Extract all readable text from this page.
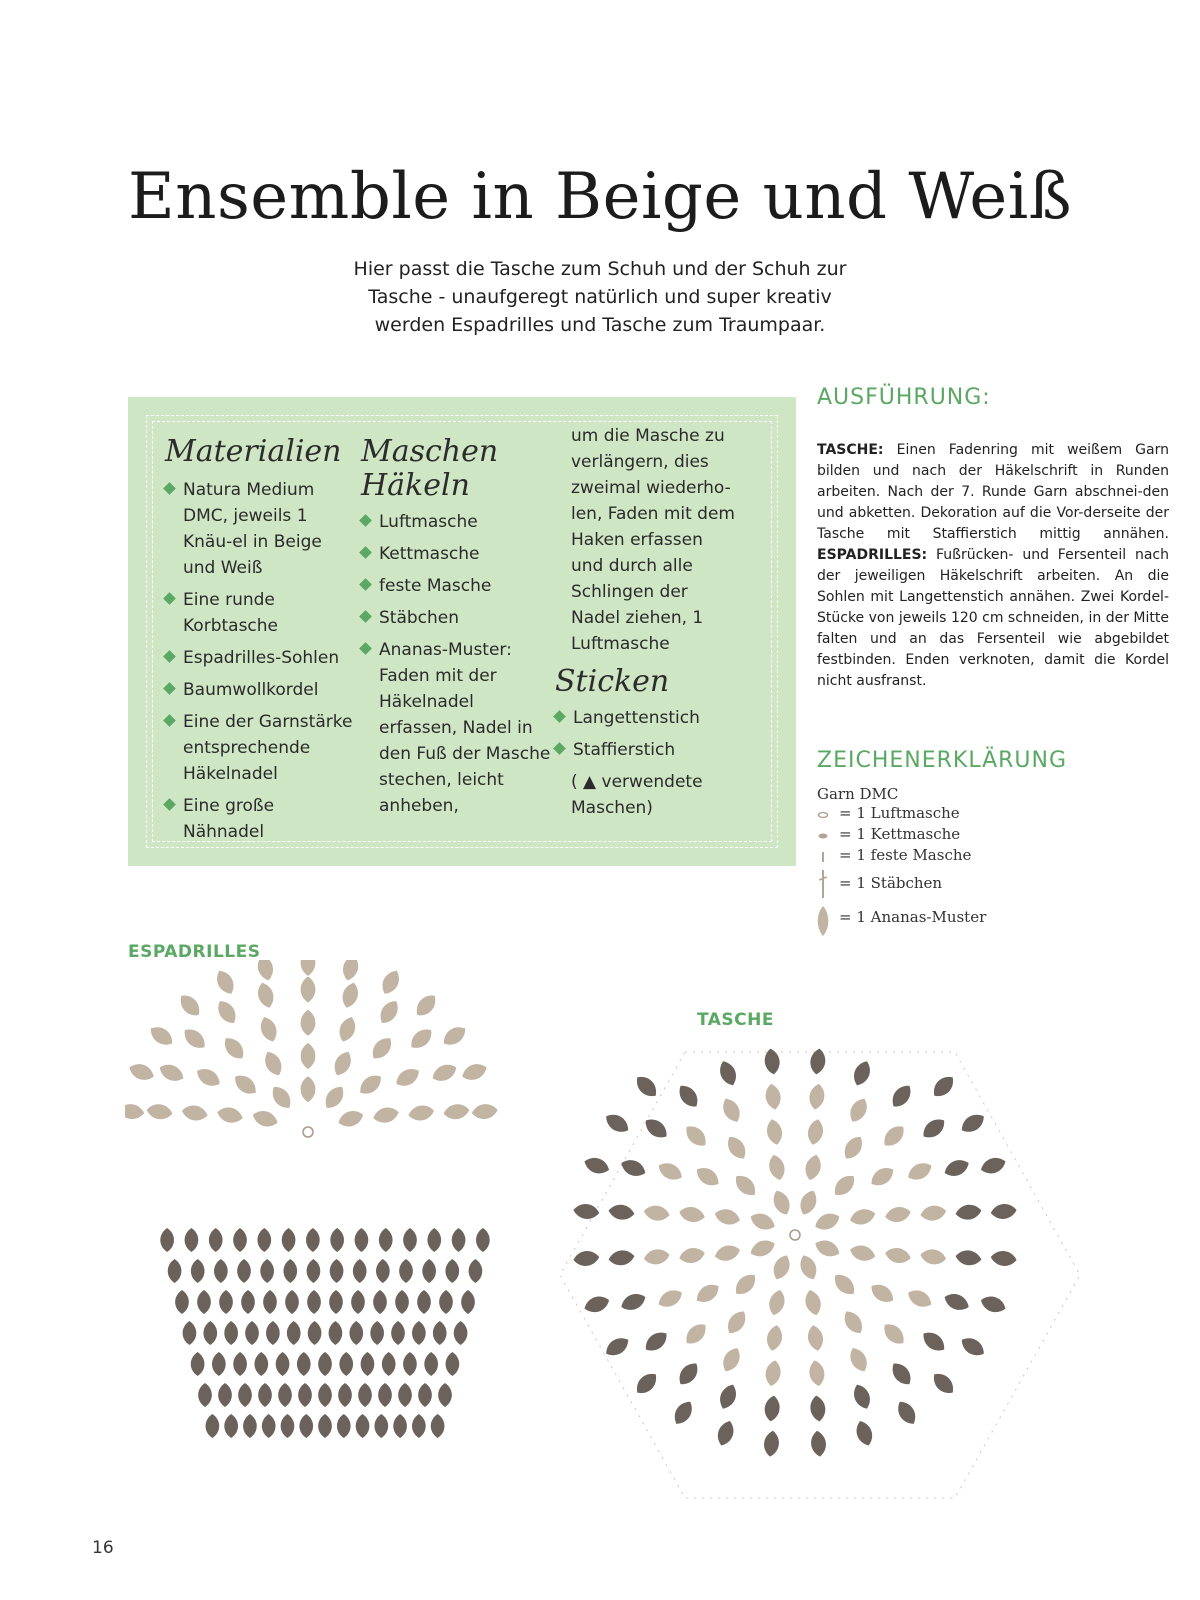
Ensemble in Beige und Weiß
Hier passt die Tasche zum Schuh und der Schuh zur
Tasche - unaufgeregt natürlich und super kreativ
werden Espadrilles und Tasche zum Traumpaar.
Materialien
Natura Medium DMC, jeweils 1 Knäu-el in Beige und Weiß
Eine runde Korbtasche
Espadrilles-Sohlen
Baumwollkordel
Eine der Garnstärke entsprechende Häkelnadel
Eine große Nähnadel
Maschen
Häkeln
Luftmasche
Kettmasche
feste Masche
Stäbchen
Ananas-Muster: Faden mit der Häkelnadel erfassen, Nadel in den Fuß der Masche stechen, leicht anheben,

um die Masche zu verlängern, dies zweimal wiederho-len, Faden mit dem Haken erfassen und durch alle Schlingen der Nadel ziehen, 1 Luftmasche

Sticken
Langettenstich
Staffierstich

( ▲ verwendete Maschen)

AUSFÜHRUNG:
TASCHE: Einen Fadenring mit weißem Garn bilden und nach der Häkelschrift in Runden arbeiten. Nach der 7. Runde Garn abschnei-den und abketten. Dekoration auf die Vor-derseite der Tasche mit Staffierstich mittig annähen. ESPADRILLES: Fußrücken- und Fersenteil nach der jeweiligen Häkelschrift arbeiten. An die Sohlen mit Langettenstich annähen. Zwei Kordel-Stücke von jeweils 120 cm schneiden, in der Mitte falten und an das Fersenteil wie abgebildet festbinden. Enden verknoten, damit die Kordel nicht ausfranst.
ZEICHENERKLÄRUNG
Garn DMC
= 1 Luftmasche
= 1 Kettmasche
= 1 feste Masche
= 1 Stäbchen
= 1 Ananas-Muster
ESPADRILLES
TASCHE
16
